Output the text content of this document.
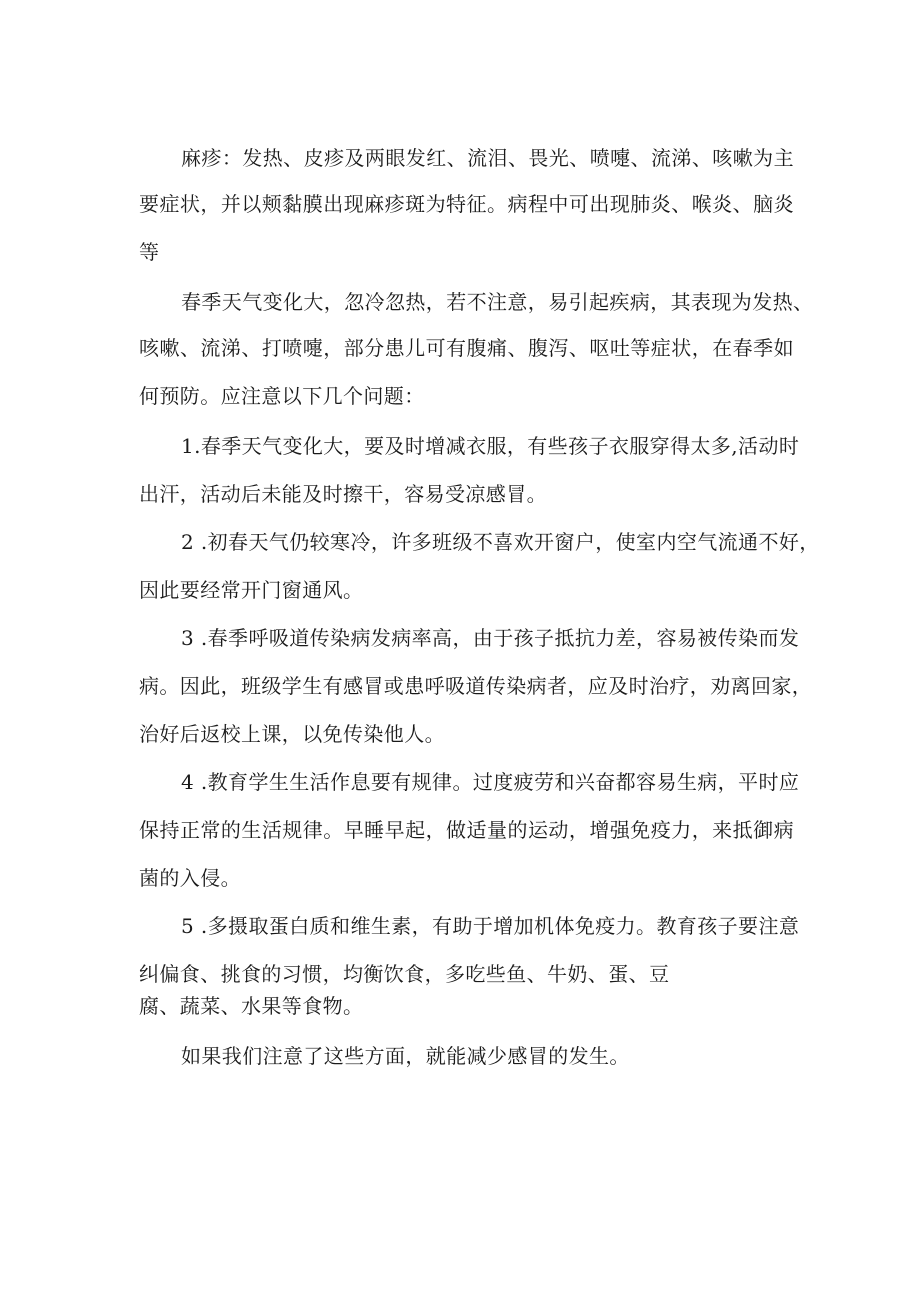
麻疹：发热、皮疹及两眼发红、流泪、畏光、喷嚏、流涕、咳嗽为主
要症状，并以颊黏膜出现麻疹斑为特征。病程中可出现肺炎、喉炎、脑炎
等
春季天气变化大，忽冷忽热，若不注意，易引起疾病，其表现为发热、
咳嗽、流涕、打喷嚏，部分患儿可有腹痛、腹泻、呕吐等症状，在春季如
何预防。应注意以下几个问题：
1.春季天气变化大，要及时增减衣服，有些孩子衣服穿得太多,活动时
出汗，活动后未能及时擦干，容易受凉感冒。
2 .初春天气仍较寒冷，许多班级不喜欢开窗户，使室内空气流通不好，
因此要经常开门窗通风。
3 .春季呼吸道传染病发病率高，由于孩子抵抗力差，容易被传染而发
病。因此，班级学生有感冒或患呼吸道传染病者，应及时治疗，劝离回家，
治好后返校上课，以免传染他人。
4 .教育学生生活作息要有规律。过度疲劳和兴奋都容易生病，平时应
保持正常的生活规律。早睡早起，做适量的运动，增强免疫力，来抵御病
菌的入侵。
5 .多摄取蛋白质和维生素，有助于增加机体免疫力。教育孩子要注意
纠偏食、挑食的习惯，均衡饮食，多吃些鱼、牛奶、蛋、豆
腐、蔬菜、水果等食物。
如果我们注意了这些方面，就能减少感冒的发生。
